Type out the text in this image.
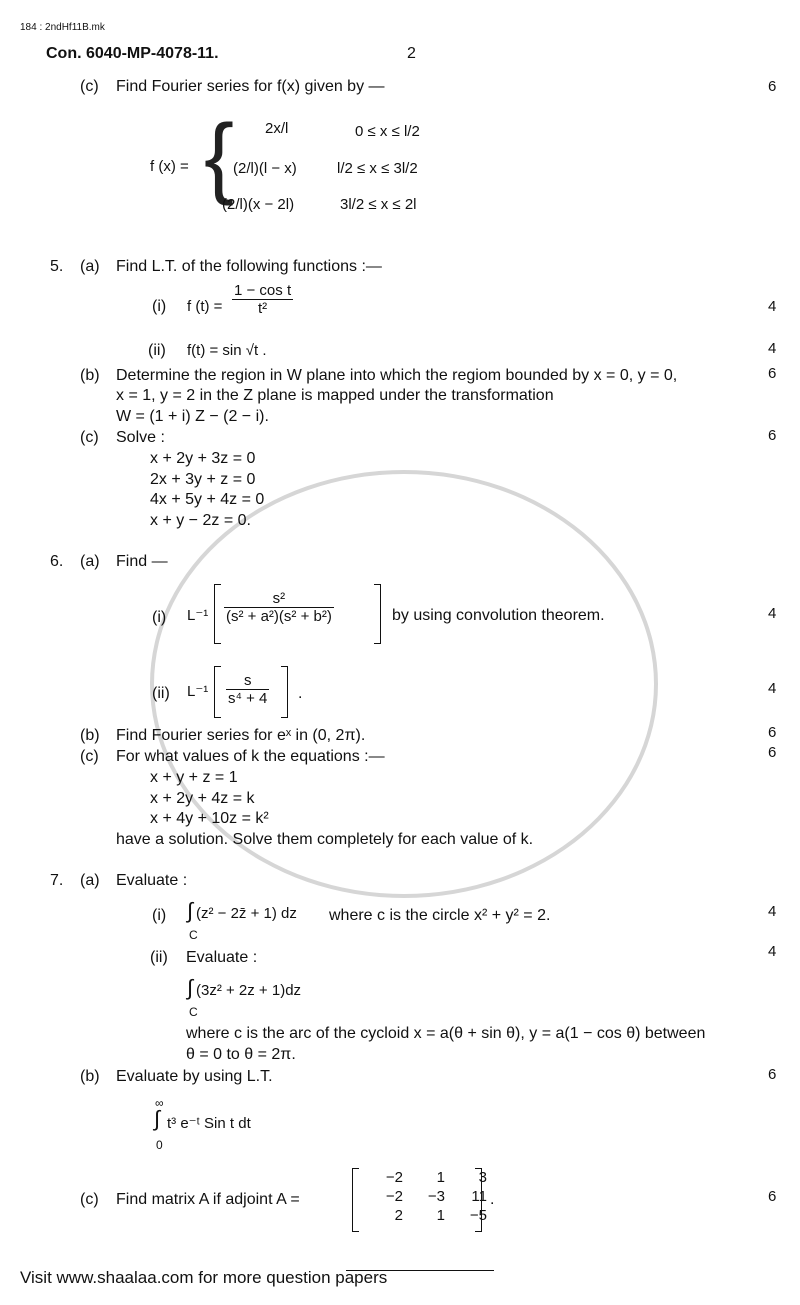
184 : 2ndHf11B.mk
Con. 6040-MP-4078-11.	2
(c) Find Fourier series for f(x) given by —	6
f (x) = { 2x/l	0 ≤ x ≤ l/2
(2/l)(l − x)	l/2 ≤ x ≤ 3l/2
(2/l)(x − 2l)	3l/2 ≤ x ≤ 2l
5. (a) Find L.T. of the following functions :—
(i) f $(t) = \frac{\text{1 − cos t}}{\text{t²}}$	4
(ii) f(t) = sin √t .	4
(b) Determine the region in W plane into which the regiom bounded by x = 0, y = 0,
x = 1, y = 2 in the Z plane is mapped under the transformation
W = (1 + i) Z − (2 − i).
6
(c) Solve :	6
x + 2y + 3z = 0
2x + 3y + z = 0
4x + 5y + 4z = 0
x + y − 2z = 0.
6. (a) Find —
(i) $L^{-1} \frac{\text{s²}}{\text{(s² + a²)(s² + b²)}}$	by using convolution theorem.	4
(ii) $L^{-1} \frac{s}{\text{s⁴ + 4}}$ .	4
(b) Find Fourier series for eˣ in (0, 2π).	6
(c) For what values of k the equations :—	6
x + y + z = 1
x + 2y + 4z = k
x + 4y + 10z = k²
have a solution. Solve them completely for each value of k.
7. (a) Evaluate :
(i) ∫
C
(z² − 2z̄ + 1) dz where c is the circle x² + y² = 2.	4
(ii) Evaluate :	4
∫
C
(3z² + 2z + 1)dz
where c is the arc of the cycloid x = a(θ + sin θ), y = a(1 − cos θ) between
θ = 0 to θ = 2π.
(b) Evaluate by using L.T.	6
∞
∫
0
t³ e⁻ᵗ Sin t dt
(c) Find matrix A if adjoint A =
−2	1	3
−2	−3	11
2	1	−5
.	6
Visit www.shaalaa.com for more question papers
